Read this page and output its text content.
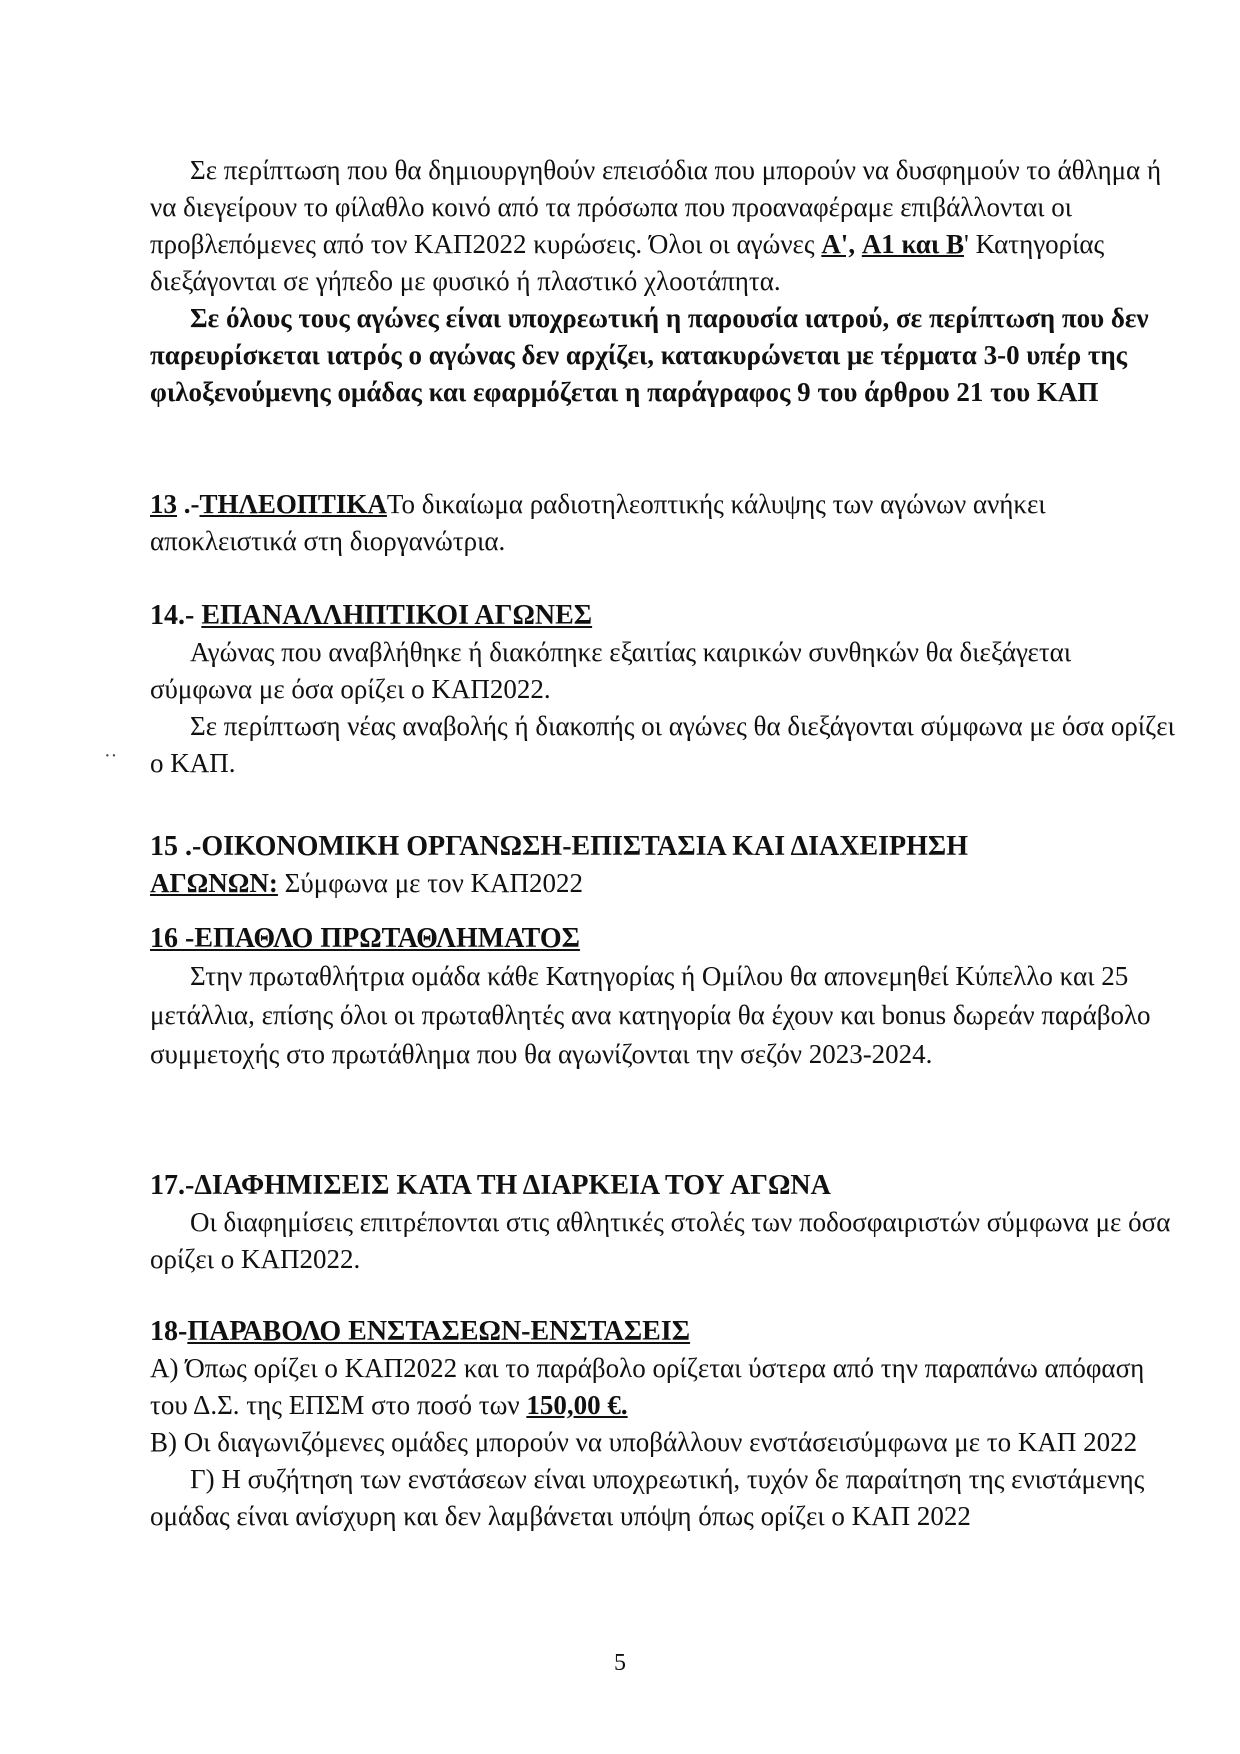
Σε περίπτωση που θα δημιουργηθούν επεισόδια που μπορούν να δυσφημούν το άθλημα ή να διεγείρουν το φίλαθλο κοινό από τα πρόσωπα που προαναφέραμε επιβάλλονται οι προβλεπόμενες από τον ΚΑΠ2022 κυρώσεις. Όλοι οι αγώνες Α', Α1 και Β' Κατηγορίας διεξάγονται σε γήπεδο με φυσικό ή πλαστικό χλοοτάπητα.

Σε όλους τους αγώνες είναι υποχρεωτική η παρουσία ιατρού, σε περίπτωση που δεν παρευρίσκεται ιατρός ο αγώνας δεν αρχίζει, κατακυρώνεται με τέρματα 3-0 υπέρ της φιλοξενούμενης ομάδας και εφαρμόζεται η παράγραφος 9 του άρθρου 21 του ΚΑΠ

13 .-ΤΗΛΕΟΠΤΙΚΑΤο δικαίωμα ραδιοτηλεοπτικής κάλυψης των αγώνων ανήκει αποκλειστικά στη διοργανώτρια.

14.- ΕΠΑΝΑΛΛΗΠΤΙΚΟΙ ΑΓΩΝΕΣ

Αγώνας που αναβλήθηκε ή διακόπηκε εξαιτίας καιρικών συνθηκών θα διεξάγεται σύμφωνα με όσα ορίζει ο ΚΑΠ2022.

Σε περίπτωση νέας αναβολής ή διακοπής οι αγώνες θα διεξάγονται σύμφωνα με όσα ορίζει ο ΚΑΠ.

15 .-ΟΙΚΟΝΟΜΙΚΗ ΟΡΓΑΝΩΣΗ-ΕΠΙΣΤΑΣΙΑ ΚΑΙ ΔΙΑΧΕΙΡΗΣΗ

ΑΓΩΝΩΝ: Σύμφωνα με τον ΚΑΠ2022

16 -ΕΠΑΘΛΟ ΠΡΩΤΑΘΛΗΜΑΤΟΣ

Στην πρωταθλήτρια ομάδα κάθε Κατηγορίας ή Ομίλου θα απονεμηθεί Κύπελλο και 25 μετάλλια, επίσης όλοι οι πρωταθλητές ανα κατηγορία θα έχουν και bonus δωρεάν παράβολο συμμετοχής στο πρωτάθλημα που θα αγωνίζονται την σεζόν 2023-2024.

17.-ΔΙΑΦΗΜΙΣΕΙΣ ΚΑΤΑ ΤΗ ΔΙΑΡΚΕΙΑ ΤΟΥ ΑΓΩΝΑ

Οι διαφημίσεις επιτρέπονται στις αθλητικές στολές των ποδοσφαιριστών σύμφωνα με όσα ορίζει ο ΚΑΠ2022.

18-ΠΑΡΑΒΟΛΟ ΕΝΣΤΑΣΕΩΝ-ΕΝΣΤΑΣΕΙΣ

Α) Όπως ορίζει ο ΚΑΠ2022 και το παράβολο ορίζεται ύστερα από την παραπάνω απόφαση του Δ.Σ. της ΕΠΣΜ στο ποσό των 150,00 €.

Β) Οι διαγωνιζόμενες ομάδες μπορούν να υποβάλλουν ενστάσεισύμφωνα με το ΚΑΠ 2022

Γ) Η συζήτηση των ενστάσεων είναι υποχρεωτική, τυχόν δε παραίτηση της ενιστάμενης ομάδας είναι ανίσχυρη και δεν λαμβάνεται υπόψη όπως ορίζει ο ΚΑΠ 2022

··
5
